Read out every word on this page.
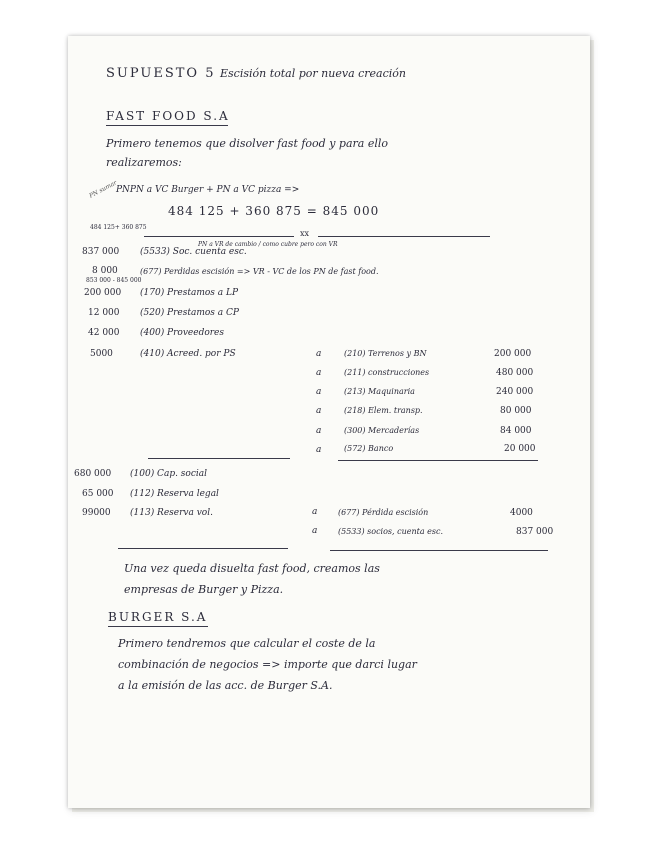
SUPUESTO 5 Escisión total por nueva creación
FAST FOOD S.A
Primero tenemos que disolver fast food y para ello
realizaremos:
PN sumar
PNPN a VC Burger + PN a VC pizza =>
484 125 + 360 875 = 845 000
484 125+ 360 875
xx
837 000 (5533) Soc. cuenta esc.
PN a VR de cambio / como cubre pero con VR
8 000	(677) Perdidas escisión => VR - VC de los PN de fast food.
853 000 - 845 000
200 000 (170) Prestamos a LP
12 000 (520) Prestamos a CP
42 000 (400) Proveedores
5000	(410) Acreed. por PS	a	(210) Terrenos y BN	200 000
a	(211) construcciones	480 000
a	(213) Maquinaria	240 000
a	(218) Elem. transp.	80 000
a	(300) Mercaderías	84 000
a	(572) Banco	20 000
680 000 (100) Cap. social
65 000 (112) Reserva legal
99000 (113) Reserva vol.	a	(677) Pérdida escisión	4000
a	(5533) socios, cuenta esc.	837 000
Una vez queda disuelta fast food, creamos las
empresas de Burger y Pizza.
BURGER S.A
Primero tendremos que calcular el coste de la
combinación de negocios => importe que darci lugar
a la emisión de las acc. de Burger S.A.
